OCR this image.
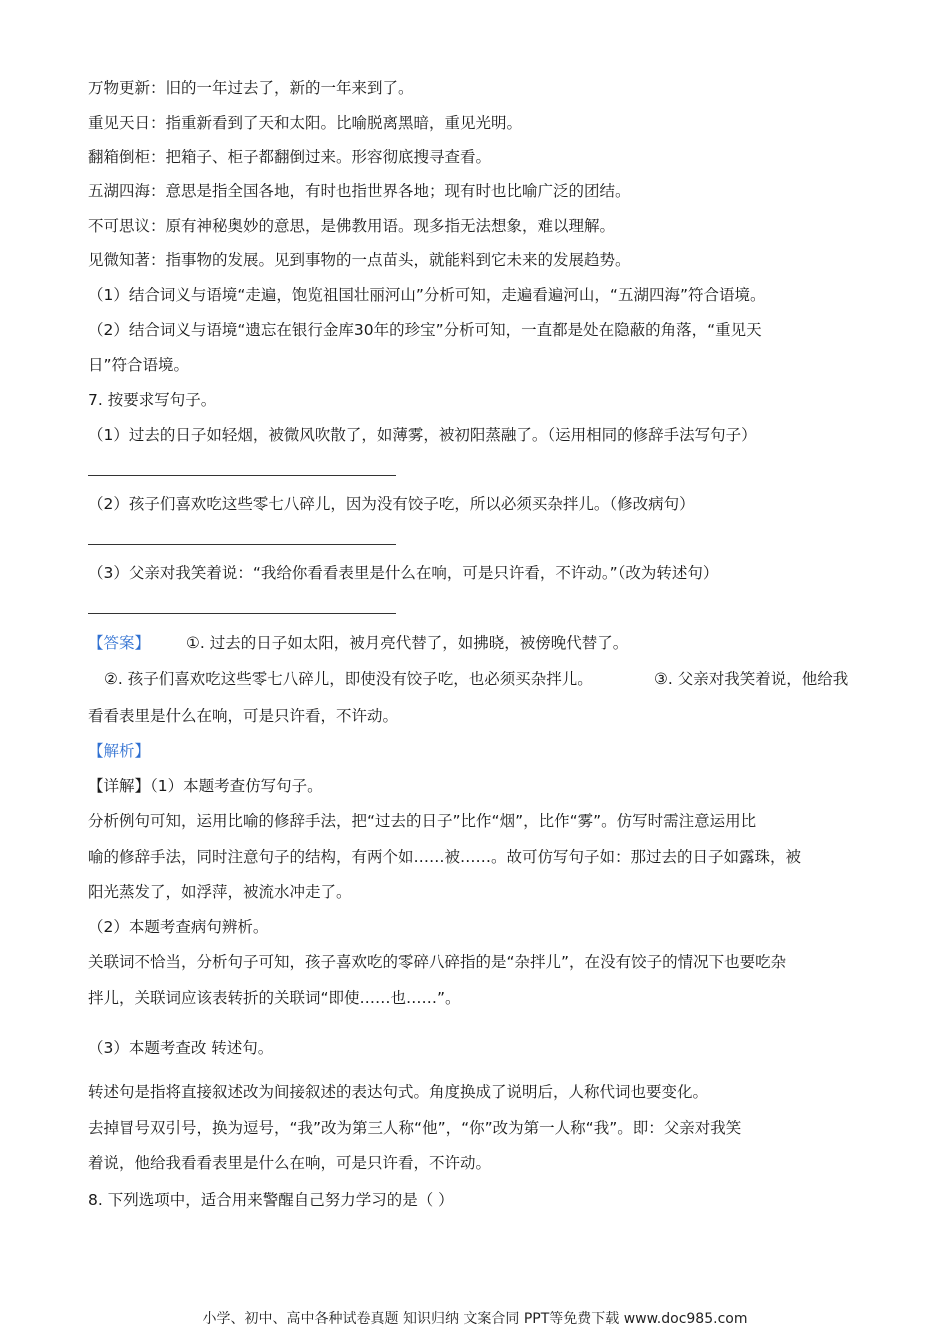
万物更新：旧的一年过去了，新的一年来到了。
重见天日：指重新看到了天和太阳。比喻脱离黑暗，重见光明。
翻箱倒柜：把箱子、柜子都翻倒过来。形容彻底搜寻查看。
五湖四海：意思是指全国各地，有时也指世界各地；现有时也比喻广泛的团结。
不可思议：原有神秘奥妙的意思，是佛教用语。现多指无法想象，难以理解。
见微知著：指事物的发展。见到事物的一点苗头，就能料到它未来的发展趋势。
（1）结合词义与语境“走遍，饱览祖国壮丽河山”分析可知，走遍看遍河山，“五湖四海”符合语境。
（2）结合词义与语境“遗忘在银行金库30年的珍宝”分析可知，一直都是处在隐蔽的角落，“重见天
日”符合语境。
7. 按要求写句子。
（1）过去的日子如轻烟，被微风吹散了，如薄雾，被初阳蒸融了。（运用相同的修辞手法写句子）
（2）孩子们喜欢吃这些零七八碎儿，因为没有饺子吃，所以必须买杂拌儿。（修改病句）
（3）父亲对我笑着说：“我给你看看表里是什么在响，可是只许看，不许动。”（改为转述句）
【答案】 ①. 过去的日子如太阳，被月亮代替了，如拂晓，被傍晚代替了。
②. 孩子们喜欢吃这些零七八碎儿，即使没有饺子吃，也必须买杂拌儿。	③. 父亲对我笑着说，他给我
看看表里是什么在响，可是只许看，不许动。
【解析】
【详解】（1）本题考查仿写句子。
分析例句可知，运用比喻的修辞手法，把“过去的日子”比作“烟”，比作“雾”。仿写时需注意运用比
喻的修辞手法，同时注意句子的结构，有两个如……被……。故可仿写句子如：那过去的日子如露珠，被
阳光蒸发了，如浮萍，被流水冲走了。
（2）本题考查病句辨析。
关联词不恰当，分析句子可知，孩子喜欢吃的零碎八碎指的是“杂拌儿”，在没有饺子的情况下也要吃杂
拌儿，关联词应该表转折的关联词“即使……也……”。
（3）本题考查改 转述句。
转述句是指将直接叙述改为间接叙述的表达句式。角度换成了说明后，人称代词也要变化。
去掉冒号双引号，换为逗号，“我”改为第三人称“他”，“你”改为第一人称“我”。即：父亲对我笑
着说，他给我看看表里是什么在响，可是只许看，不许动。
8. 下列选项中，适合用来警醒自己努力学习的是（ ）
小学、初中、高中各种试卷真题 知识归纳 文案合同 PPT等免费下载 www.doc985.com
